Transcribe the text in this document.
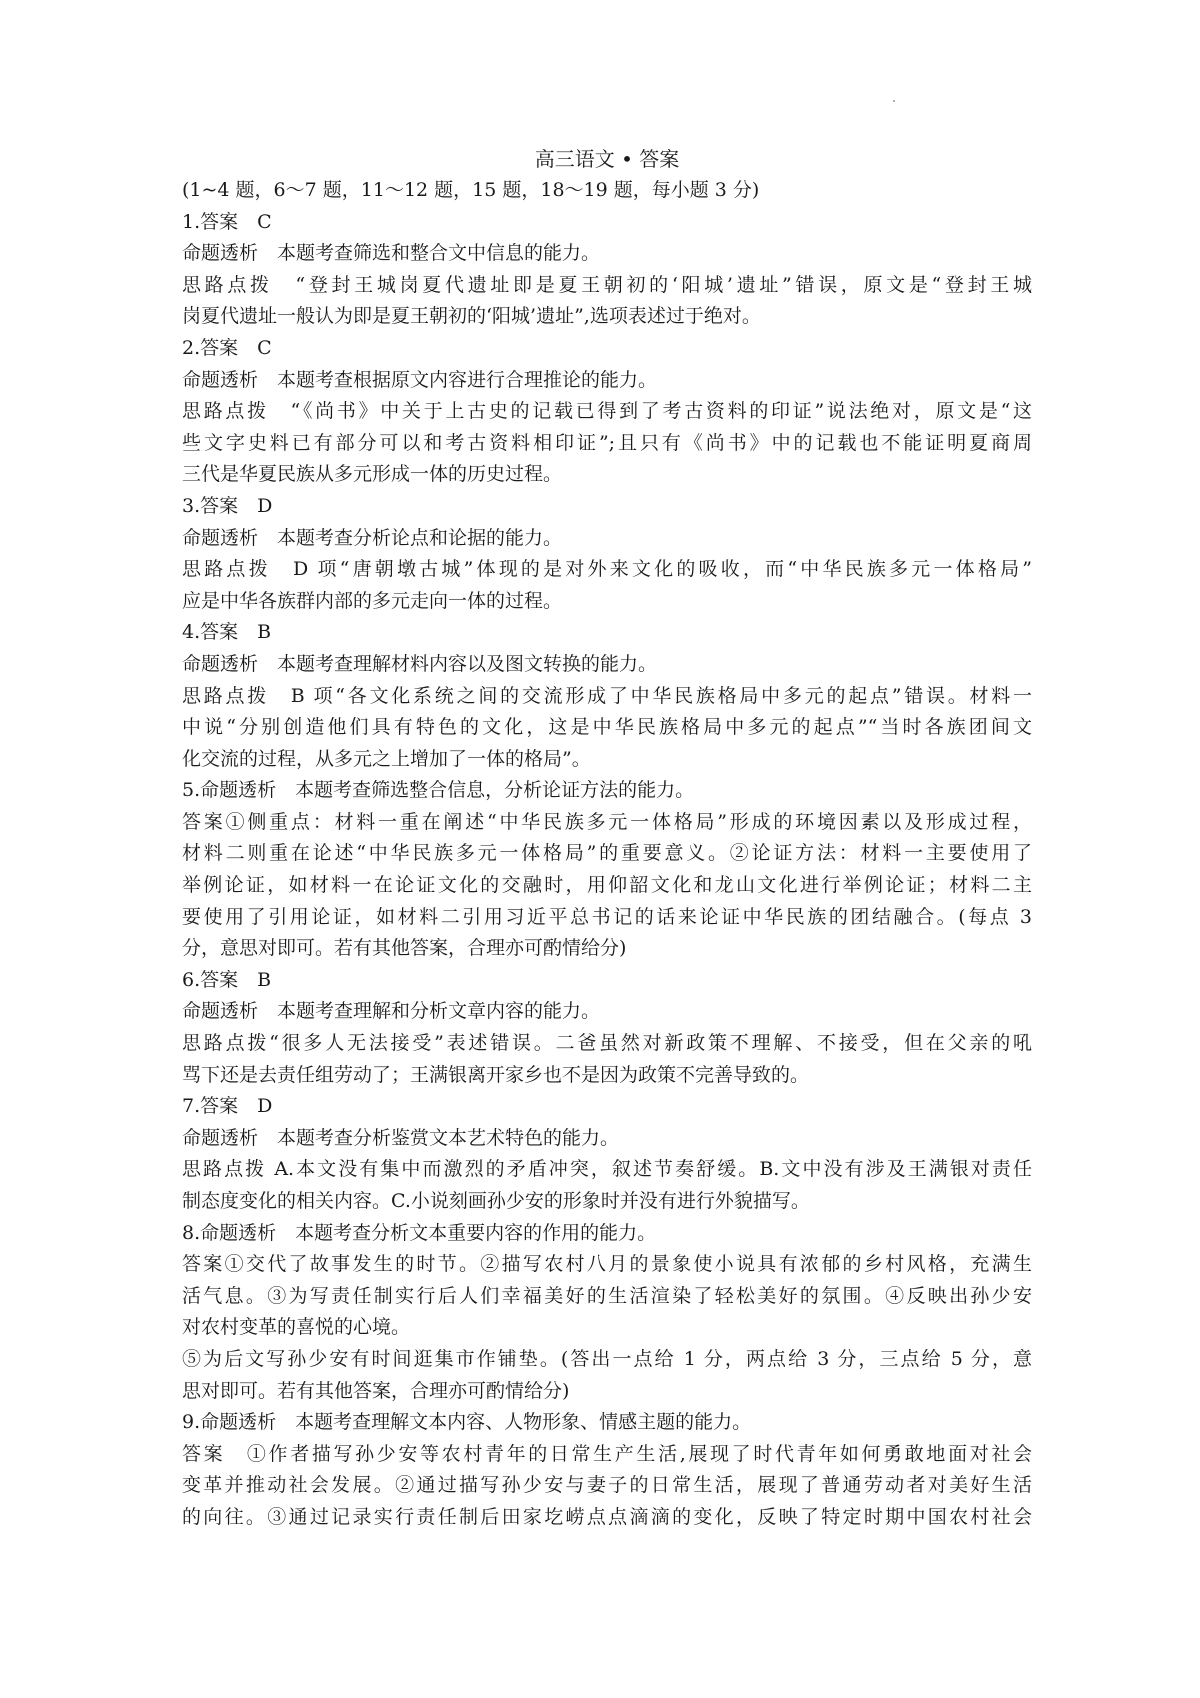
高三语文 • 答案
(1~4 题，6～7 题，11～12 题，15 题，18～19 题，每小题 3 分)
1.答案　C
命题透析　本题考查筛选和整合文中信息的能力。
思路点拨　“登封王城岗夏代遗址即是夏王朝初的‘阳城’遗址”错误，原文是“登封王城
岗夏代遗址一般认为即是夏王朝初的‘阳城’遗址”,选项表述过于绝对。
2.答案　C
命题透析　本题考查根据原文内容进行合理推论的能力。
思路点拨　“《尚书》中关于上古史的记载已得到了考古资料的印证”说法绝对，原文是“这
些文字史料已有部分可以和考古资料相印证”;且只有《尚书》中的记载也不能证明夏商周
三代是华夏民族从多元形成一体的历史过程。
3.答案　D
命题透析　本题考查分析论点和论据的能力。
思路点拨　D 项“唐朝墩古城”体现的是对外来文化的吸收，而“中华民族多元一体格局”
应是中华各族群内部的多元走向一体的过程。
4.答案　B
命题透析　本题考查理解材料内容以及图文转换的能力。
思路点拨　B 项“各文化系统之间的交流形成了中华民族格局中多元的起点”错误。材料一
中说“分别创造他们具有特色的文化，这是中华民族格局中多元的起点”“当时各族团间文
化交流的过程，从多元之上增加了一体的格局”。
5.命题透析　本题考查筛选整合信息，分析论证方法的能力。
答案①侧重点：材料一重在阐述“中华民族多元一体格局”形成的环境因素以及形成过程，
材料二则重在论述“中华民族多元一体格局”的重要意义。②论证方法：材料一主要使用了
举例论证，如材料一在论证文化的交融时，用仰韶文化和龙山文化进行举例论证；材料二主
要使用了引用论证，如材料二引用习近平总书记的话来论证中华民族的团结融合。(每点 3
分，意思对即可。若有其他答案，合理亦可酌情给分)
6.答案　B
命题透析　本题考查理解和分析文章内容的能力。
思路点拨“很多人无法接受”表述错误。二爸虽然对新政策不理解、不接受，但在父亲的吼
骂下还是去责任组劳动了；王满银离开家乡也不是因为政策不完善导致的。
7.答案　D
命题透析　本题考查分析鉴赏文本艺术特色的能力。
思路点拨 A.本文没有集中而激烈的矛盾冲突，叙述节奏舒缓。B.文中没有涉及王满银对责任
制态度变化的相关内容。C.小说刻画孙少安的形象时并没有进行外貌描写。
8.命题透析　本题考查分析文本重要内容的作用的能力。
答案①交代了故事发生的时节。②描写农村八月的景象使小说具有浓郁的乡村风格，充满生
活气息。③为写责任制实行后人们幸福美好的生活渲染了轻松美好的氛围。④反映出孙少安
对农村变革的喜悦的心境。
⑤为后文写孙少安有时间逛集市作铺垫。(答出一点给 1 分，两点给 3 分，三点给 5 分，意
思对即可。若有其他答案，合理亦可酌情给分)
9.命题透析　本题考查理解文本内容、人物形象、情感主题的能力。
答案　①作者描写孙少安等农村青年的日常生产生活,展现了时代青年如何勇敢地面对社会
变革并推动社会发展。②通过描写孙少安与妻子的日常生活，展现了普通劳动者对美好生活
的向往。③通过记录实行责任制后田家圪崂点点滴滴的变化，反映了特定时期中国农村社会
